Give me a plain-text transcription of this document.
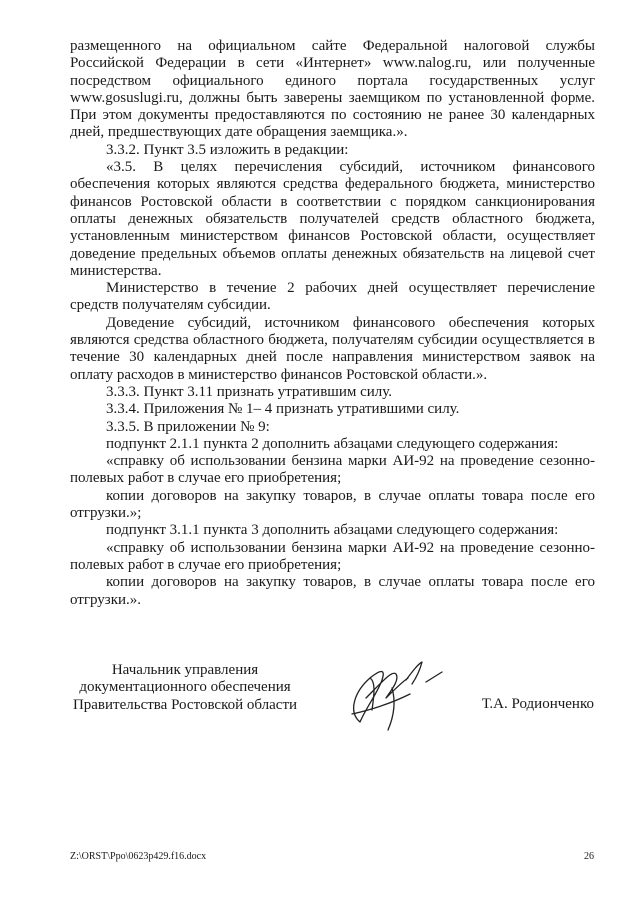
размещенного на официальном сайте Федеральной налоговой службы Российской Федерации в сети «Интернет» www.nalog.ru, или полученные посредством официального единого портала государственных услуг www.gosuslugi.ru, должны быть заверены заемщиком по установленной форме. При этом документы предоставляются по состоянию не ранее 30 календарных дней, предшествующих дате обращения заемщика.».

3.3.2. Пункт 3.5 изложить в редакции:

«3.5. В целях перечисления субсидий, источником финансового обеспечения которых являются средства федерального бюджета, министерство финансов Ростовской области в соответствии с порядком санкционирования оплаты денежных обязательств получателей средств областного бюджета, установленным министерством финансов Ростовской области, осуществляет доведение предельных объемов оплаты денежных обязательств на лицевой счет министерства.

Министерство в течение 2 рабочих дней осуществляет перечисление средств получателям субсидии.

Доведение субсидий, источником финансового обеспечения которых являются средства областного бюджета, получателям субсидии осуществляется в течение 30 календарных дней после направления министерством заявок на оплату расходов в министерство финансов Ростовской области.».

3.3.3. Пункт 3.11 признать утратившим силу.

3.3.4. Приложения № 1– 4 признать утратившими силу.

3.3.5. В приложении № 9:

подпункт 2.1.1 пункта 2 дополнить абзацами следующего содержания:

«справку об использовании бензина марки АИ-92 на проведение сезонно-полевых работ в случае его приобретения;

копии договоров на закупку товаров, в случае оплаты товара после его отгрузки.»;

подпункт 3.1.1 пункта 3 дополнить абзацами следующего содержания:

«справку об использовании бензина марки АИ-92 на проведение сезонно-полевых работ в случае его приобретения;

копии договоров на закупку товаров, в случае оплаты товара после его отгрузки.».

Начальник управления
документационного обеспечения
Правительства Ростовской области	Т.А. Родионченко
Z:\ORST\Ppo\0623p429.f16.docx	26
